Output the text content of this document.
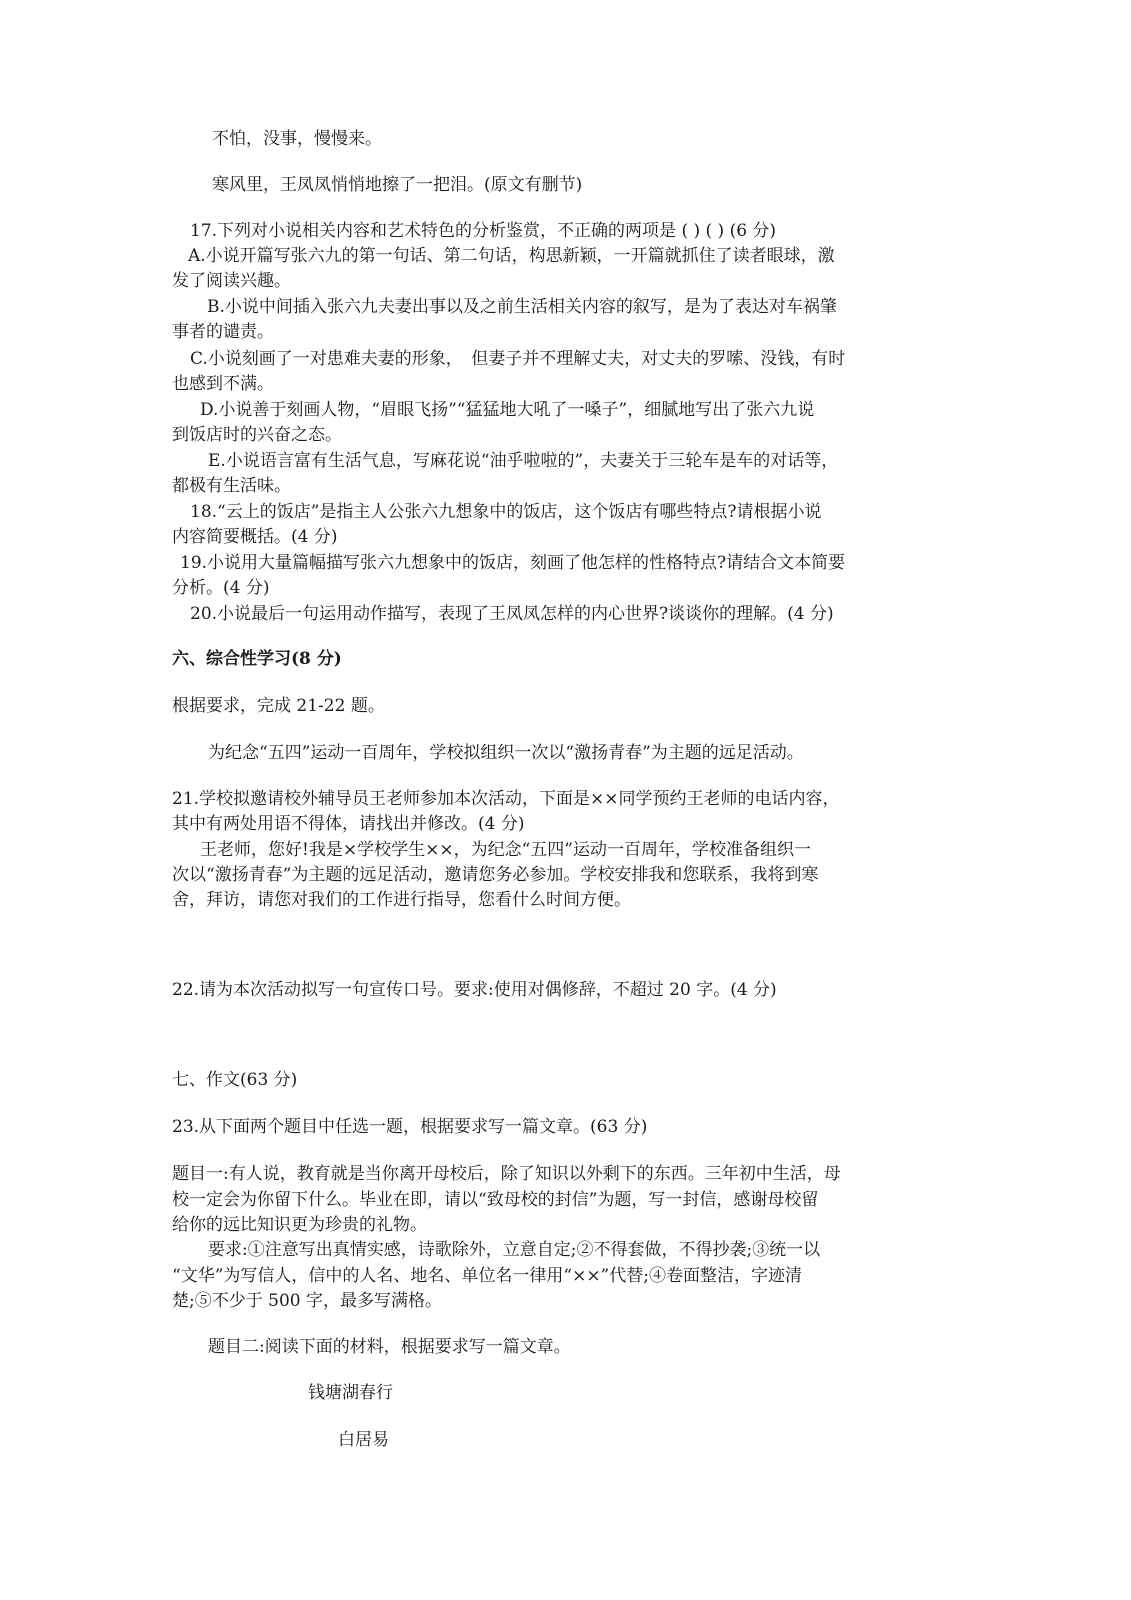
不怕，没事，慢慢来。
寒风里，王凤凤悄悄地擦了一把泪。(原文有删节)
17.下列对小说相关内容和艺术特色的分析鉴赏，不正确的两项是 ( ) ( ) (6 分)
A.小说开篇写张六九的第一句话、第二句话，构思新颖，一开篇就抓住了读者眼球，激
发了阅读兴趣。
B.小说中间插入张六九夫妻出事以及之前生活相关内容的叙写，是为了表达对车祸肇
事者的谴责。
C.小说刻画了一对患难夫妻的形象，　但妻子并不理解丈夫，对丈夫的罗嗦、没钱，有时
也感到不满。
D.小说善于刻画人物，“眉眼飞扬”“猛猛地大吼了一嗓子”，细腻地写出了张六九说
到饭店时的兴奋之态。
E.小说语言富有生活气息，写麻花说“油乎啦啦的”，夫妻关于三轮车是车的对话等，
都极有生活味。
18.“云上的饭店”是指主人公张六九想象中的饭店，这个饭店有哪些特点?请根据小说
内容简要概括。(4 分)
19.小说用大量篇幅描写张六九想象中的饭店，刻画了他怎样的性格特点?请结合文本简要
分析。(4 分)
20.小说最后一句运用动作描写，表现了王凤凤怎样的内心世界?谈谈你的理解。(4 分)
六、综合性学习(8 分)
根据要求，完成 21-22 题。
为纪念“五四”运动一百周年，学校拟组织一次以“激扬青春”为主题的远足活动。
21.学校拟邀请校外辅导员王老师参加本次活动，下面是××同学预约王老师的电话内容，
其中有两处用语不得体，请找出并修改。(4 分)
王老师，您好!我是×学校学生××，为纪念“五四”运动一百周年，学校准备组织一
次以“激扬青春”为主题的远足活动，邀请您务必参加。学校安排我和您联系，我将到寒
舍，拜访，请您对我们的工作进行指导，您看什么时间方便。
22.请为本次活动拟写一句宣传口号。要求:使用对偶修辞，不超过 20 字。(4 分)
七、作文(63 分)
23.从下面两个题目中任选一题，根据要求写一篇文章。(63 分)
题目一:有人说，教育就是当你离开母校后，除了知识以外剩下的东西。三年初中生活，母
校一定会为你留下什么。毕业在即，请以“致母校的封信”为题，写一封信，感谢母校留
给你的远比知识更为珍贵的礼物。
要求:①注意写出真情实感，诗歌除外，立意自定;②不得套做，不得抄袭;③统一以
“文华”为写信人，信中的人名、地名、单位名一律用“××”代替;④卷面整洁，字迹清
楚;⑤不少于 500 字，最多写满格。
题目二:阅读下面的材料，根据要求写一篇文章。
钱塘湖春行
白居易
